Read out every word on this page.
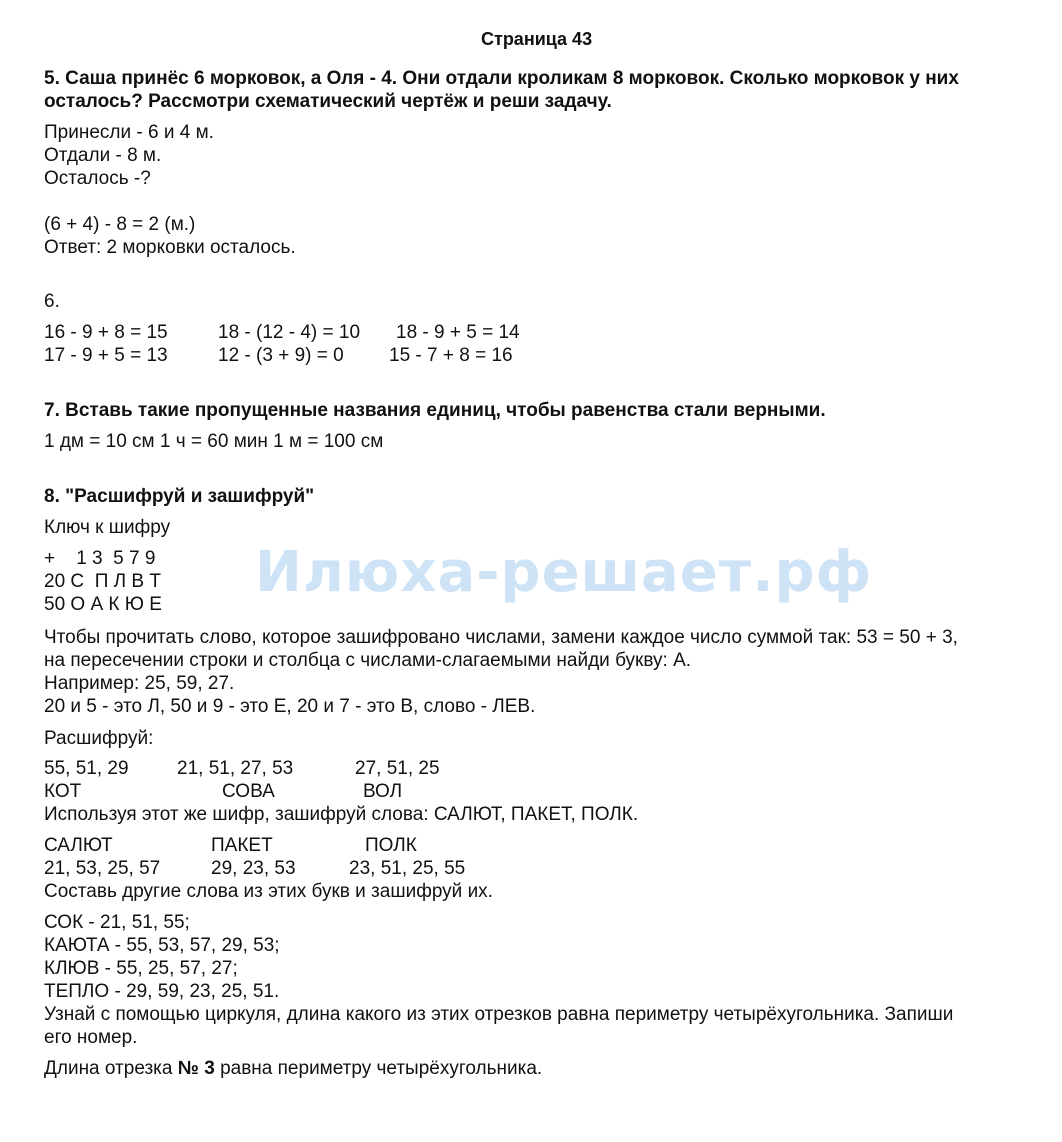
Илюха-решает.рф
Страница 43
5. Саша принёс 6 морковок, а Оля - 4. Они отдали кроликам 8 морковок. Сколько морковок у них
осталось? Рассмотри схематический чертёж и реши задачу.
Принесли - 6 и 4 м.
Отдали - 8 м.
Осталось -?
(6 + 4) - 8 = 2 (м.)
Ответ: 2 морковки осталось.
6.
16 - 9 + 8 = 15	18 - (12 - 4) = 10 18 - 9 + 5 = 14
17 - 9 + 5 = 13	12 - (3 + 9) = 0 15 - 7 + 8 = 16
7. Вставь такие пропущенные названия единиц, чтобы равенства стали верными.
1 дм = 10 см 1 ч = 60 мин 1 м = 100 см
8. "Расшифруй и зашифруй"
Ключ к шифру
+    1 3  5 7 9
20 С  П Л В Т
50 О А К Ю Е
Чтобы прочитать слово, которое зашифровано числами, замени каждое число суммой так: 53 = 50 + 3,
на пересечении строки и столбца с числами-слагаемыми найди букву: А.
Например: 25, 59, 27.
20 и 5 - это Л, 50 и 9 - это Е, 20 и 7 - это В, слово - ЛЕВ.
Расшифруй:
55, 51, 29	21, 51, 27, 53	27, 51, 25
КОТ	СОВА	ВОЛ
Используя этот же шифр, зашифруй слова: САЛЮТ, ПАКЕТ, ПОЛК.
САЛЮТ	ПАКЕТ	ПОЛК
21, 53, 25, 57	29, 23, 53	23, 51, 25, 55
Составь другие слова из этих букв и зашифруй их.
СОК - 21, 51, 55;
КАЮТА - 55, 53, 57, 29, 53;
КЛЮВ - 55, 25, 57, 27;
ТЕПЛО - 29, 59, 23, 25, 51.
Узнай с помощью циркуля, длина какого из этих отрезков равна периметру четырёхугольника. Запиши
его номер.
Длина отрезка № 3 равна периметру четырёхугольника.
